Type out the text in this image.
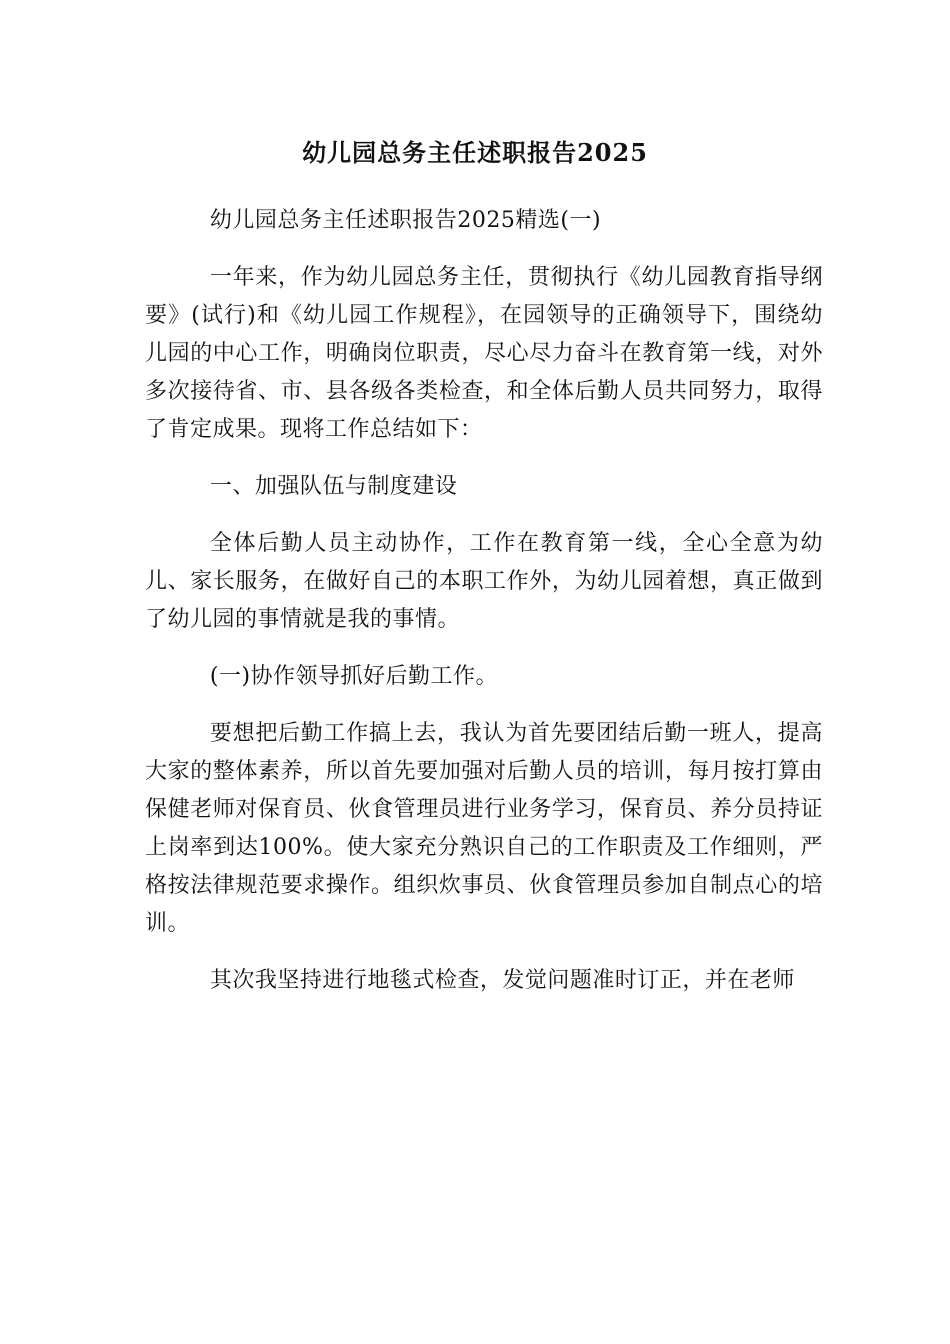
幼儿园总务主任述职报告2025

幼儿园总务主任述职报告2025精选(一)

一年来，作为幼儿园总务主任，贯彻执行《幼儿园教育指导纲要》(试行)和《幼儿园工作规程》，在园领导的正确领导下，围绕幼儿园的中心工作，明确岗位职责，尽心尽力奋斗在教育第一线，对外多次接待省、市、县各级各类检查，和全体后勤人员共同努力，取得了肯定成果。现将工作总结如下：

一、加强队伍与制度建设

全体后勤人员主动协作，工作在教育第一线，全心全意为幼儿、家长服务，在做好自己的本职工作外，为幼儿园着想，真正做到了幼儿园的事情就是我的事情。

(一)协作领导抓好后勤工作。

要想把后勤工作搞上去，我认为首先要团结后勤一班人，提高大家的整体素养，所以首先要加强对后勤人员的培训，每月按打算由保健老师对保育员、伙食管理员进行业务学习，保育员、养分员持证上岗率到达100%。使大家充分熟识自己的工作职责及工作细则，严格按法律规范要求操作。组织炊事员、伙食管理员参加自制点心的培训。

其次我坚持进行地毯式检查，发觉问题准时订正，并在老师
